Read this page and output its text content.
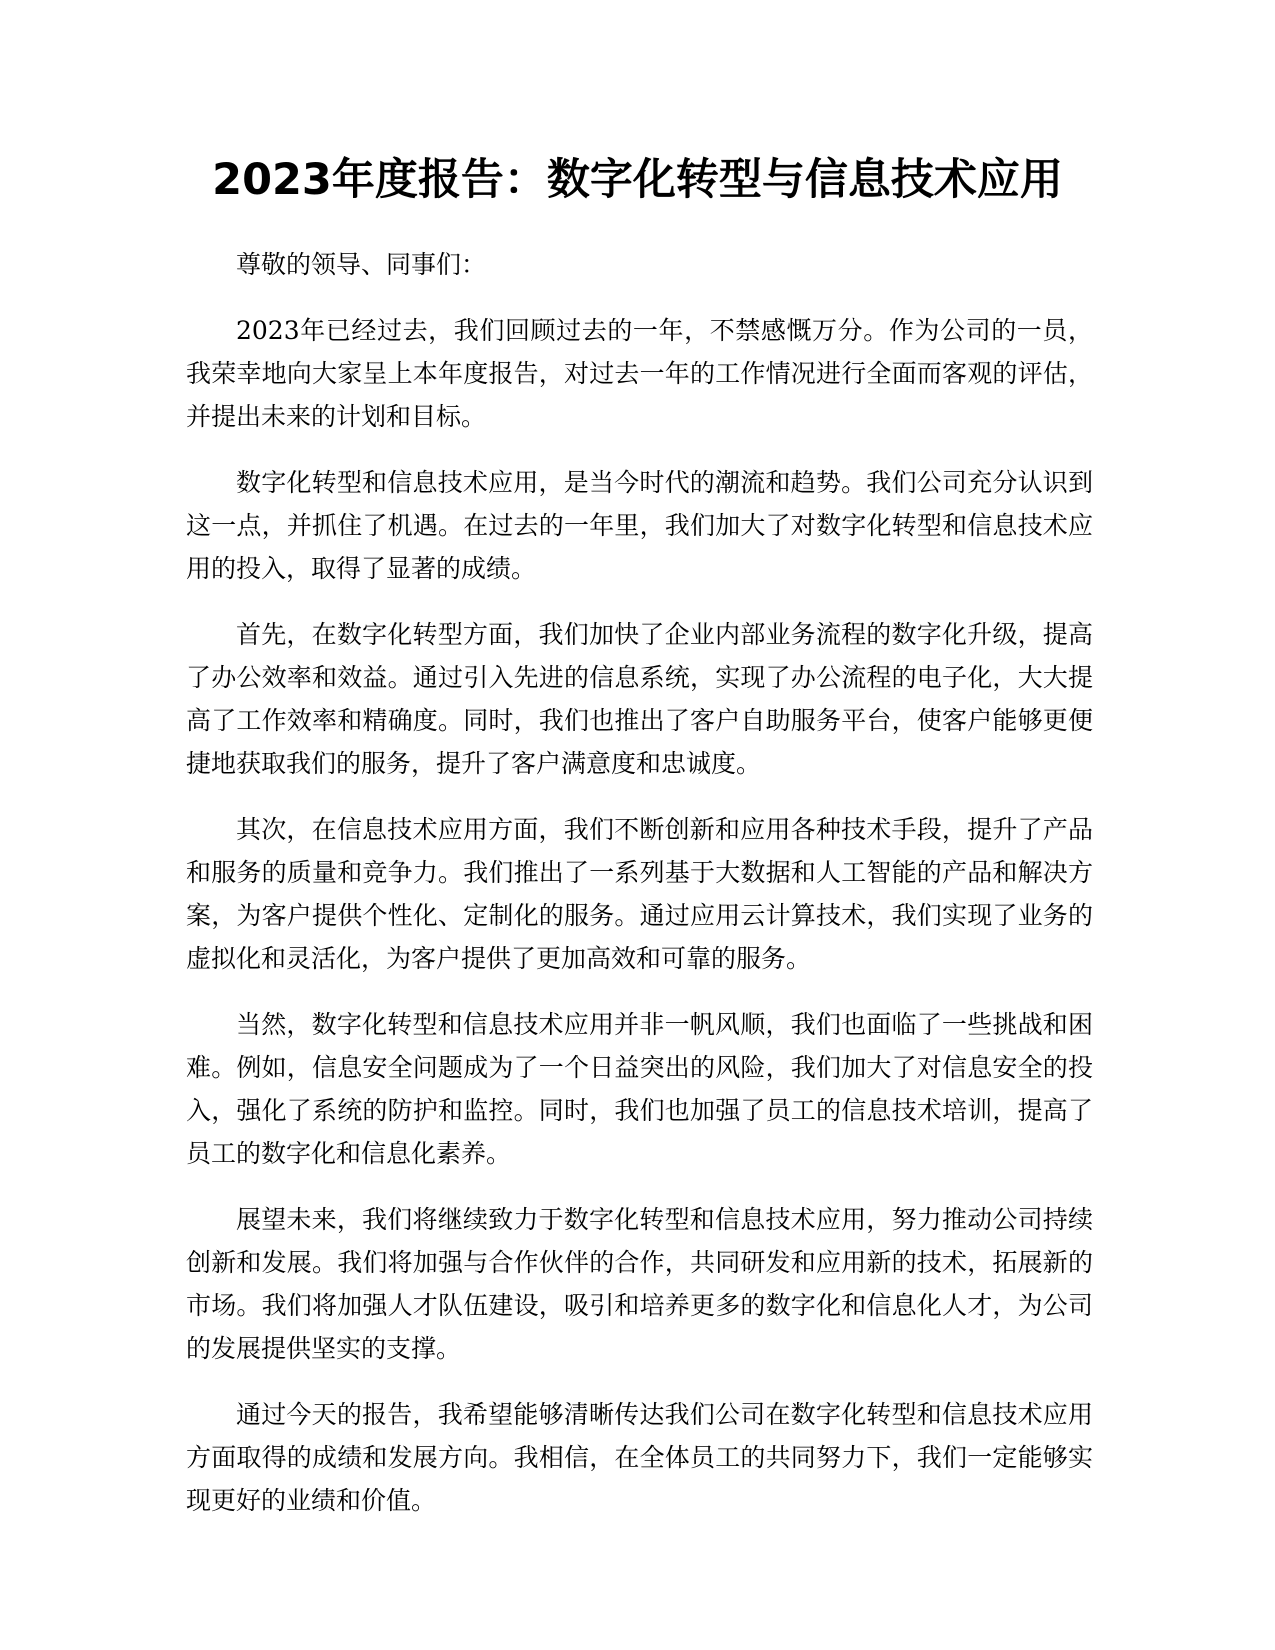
2023年度报告：数字化转型与信息技术应用

尊敬的领导、同事们：

2023年已经过去，我们回顾过去的一年，不禁感慨万分。作为公司的一员，我荣幸地向大家呈上本年度报告，对过去一年的工作情况进行全面而客观的评估，并提出未来的计划和目标。

数字化转型和信息技术应用，是当今时代的潮流和趋势。我们公司充分认识到这一点，并抓住了机遇。在过去的一年里，我们加大了对数字化转型和信息技术应用的投入，取得了显著的成绩。

首先，在数字化转型方面，我们加快了企业内部业务流程的数字化升级，提高了办公效率和效益。通过引入先进的信息系统，实现了办公流程的电子化，大大提高了工作效率和精确度。同时，我们也推出了客户自助服务平台，使客户能够更便捷地获取我们的服务，提升了客户满意度和忠诚度。

其次，在信息技术应用方面，我们不断创新和应用各种技术手段，提升了产品和服务的质量和竞争力。我们推出了一系列基于大数据和人工智能的产品和解决方案，为客户提供个性化、定制化的服务。通过应用云计算技术，我们实现了业务的虚拟化和灵活化，为客户提供了更加高效和可靠的服务。

当然，数字化转型和信息技术应用并非一帆风顺，我们也面临了一些挑战和困难。例如，信息安全问题成为了一个日益突出的风险，我们加大了对信息安全的投入，强化了系统的防护和监控。同时，我们也加强了员工的信息技术培训，提高了员工的数字化和信息化素养。

展望未来，我们将继续致力于数字化转型和信息技术应用，努力推动公司持续创新和发展。我们将加强与合作伙伴的合作，共同研发和应用新的技术，拓展新的市场。我们将加强人才队伍建设，吸引和培养更多的数字化和信息化人才，为公司的发展提供坚实的支撑。

通过今天的报告，我希望能够清晰传达我们公司在数字化转型和信息技术应用方面取得的成绩和发展方向。我相信，在全体员工的共同努力下，我们一定能够实现更好的业绩和价值。
